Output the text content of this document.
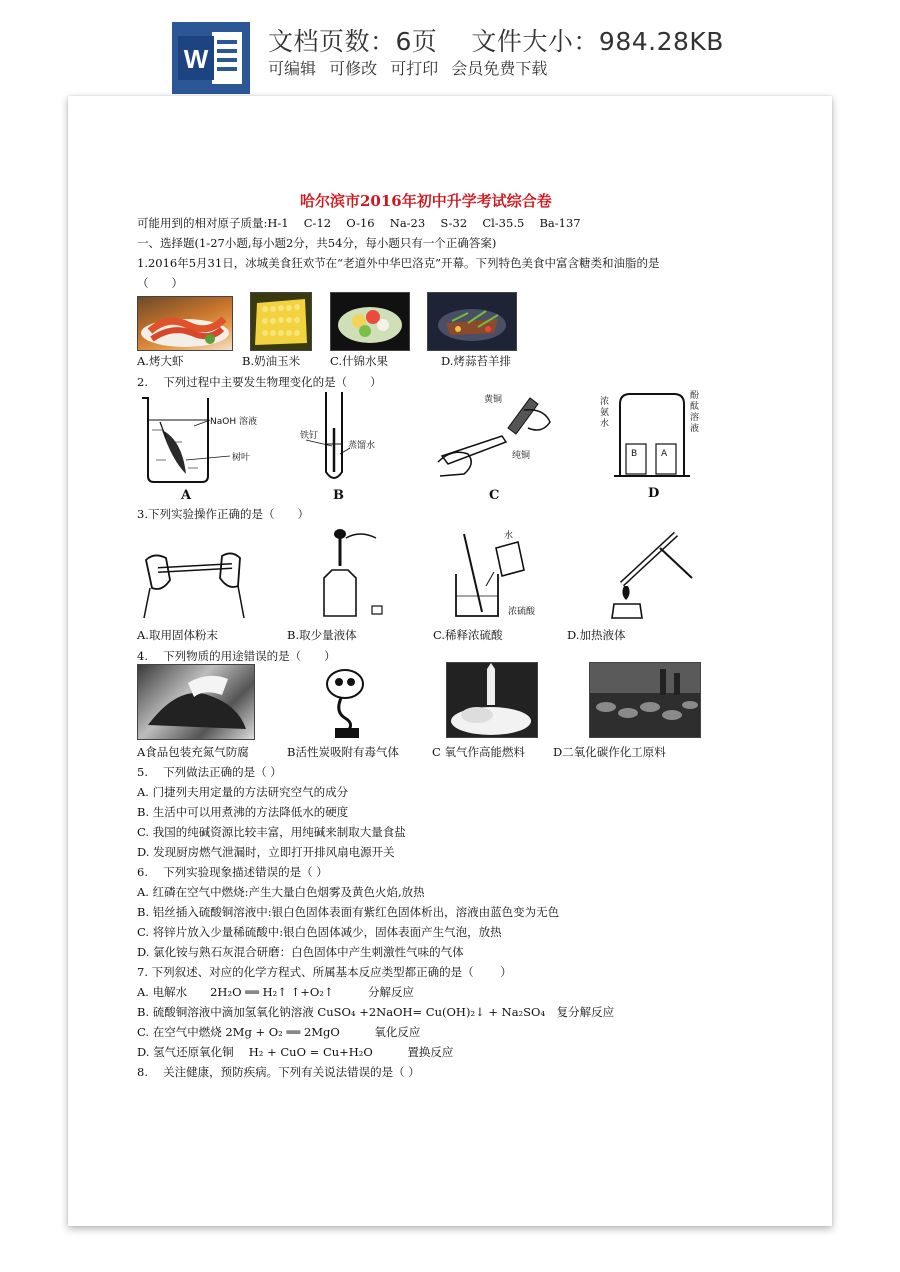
W
文档页数：6页 文件大小：984.28KB
可编辑 可修改 可打印 会员免费下载
哈尔滨市2016年初中升学考试综合卷
可能用到的相对原子质量:H-1　 C-12　 O-16　 Na-23　 S-32　 Cl-35.5　 Ba-137
一、选择题(1-27小题,每小题2分，共54分，每小题只有一个正确答案)
1.2016年5月31日，冰城美食狂欢节在“老道外中华巴洛克”开幕。下列特色美食中富含糖类和油脂的是
（　　）
A.烤大虾	B.奶油玉米	C.什锦水果	D.烤蒜苔羊排
2.　 下列过程中主要发生物理变化的是（　　）
NaOH 溶液
树叶
A
铁钉
蒸馏水
B
黄铜
纯铜
C
B	A
浓
氨
水
酚
酞
溶
液
D
3.下列实验操作正确的是（　　）
水
浓硫酸
A.取用固体粉末	B.取少量液体	C.稀释浓硫酸	D.加热液体
4.　 下列物质的用途错误的是（　　）
A食品包装充氮气防腐	B活性炭吸附有毒气体	C 氧气作高能燃料 D二氧化碳作化工原料
5.　 下列做法正确的是（ ）
A. 门捷列夫用定量的方法研究空气的成分
B. 生活中可以用煮沸的方法降低水的硬度
C. 我国的纯碱资源比较丰富，用纯碱来制取大量食盐
D. 发现厨房燃气泄漏时，立即打开排风扇电源开关
6.　 下列实验现象描述错误的是（ ）
A. 红磷在空气中燃烧:产生大量白色烟雾及黄色火焰,放热
B. 铝丝插入硫酸铜溶液中:银白色固体表面有紫红色固体析出，溶液由蓝色变为无色
C. 将锌片放入少量稀硫酸中:银白色固体减少，固体表面产生气泡，放热
D. 氯化铵与熟石灰混合研磨：白色固体中产生刺激性气味的气体
7. 下列叙述、对应的化学方程式、所属基本反应类型都正确的是（　　 ）
A. 电解水　　2H₂O ══ H₂↑ ↑+O₂↑　　　分解反应
B. 硫酸铜溶液中滴加氢氧化钠溶液 CuSO₄ +2NaOH= Cu(OH)₂↓ + Na₂SO₄　复分解反应
C. 在空气中燃烧 2Mg + O₂ ══ 2MgO　　　氧化反应
D. 氢气还原氧化铜　 H₂ + CuO = Cu+H₂O　　　置换反应
8.　 关注健康，预防疾病。下列有关说法错误的是（ ）
